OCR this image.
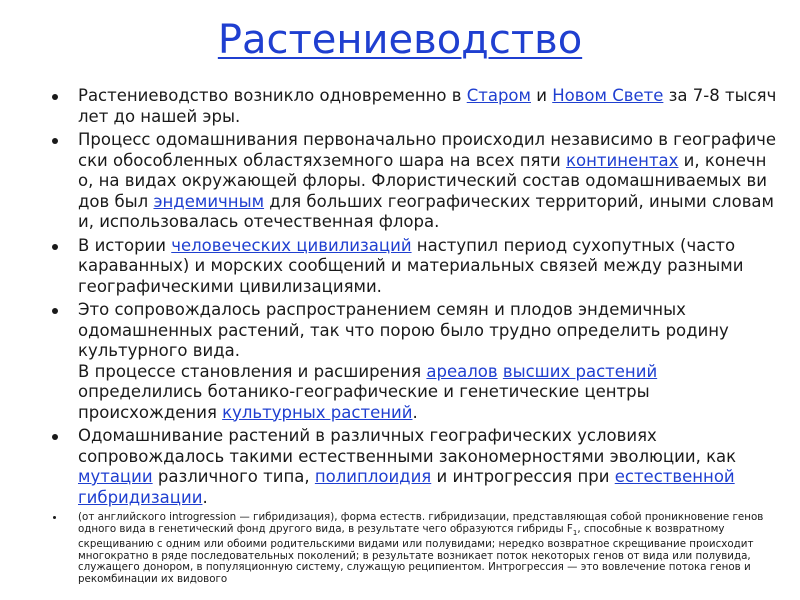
Растениеводство
Растениеводство возникло одновременно в Старом и Новом Свете за 7-8 тысяч лет до нашей эры.
Процесс одомашнивания первоначально происходил независимо в географически обособленных областяхземного шара на всех пяти континентах и, конечно, на видах окружающей флоры. Флористический состав одомашниваемых видов был эндемичным для больших географических территорий, иными словами, использовалась отечественная флора.
В истории человеческих цивилизаций наступил период сухопутных (часто караванных) и морских сообщений и материальных связей между разными географическими цивилизациями.
Это сопровождалось распространением семян и плодов эндемичных одомашненных растений, так что порою было трудно определить родину культурного вида.
В процессе становления и расширения ареалов высших растений определились ботанико-географические и генетические центры происхождения культурных растений.
Одомашнивание растений в различных географических условиях сопровождалось такими естественными закономерностями эволюции, как мутации различного типа, полиплоидия и интрогрессия при естественной гибридизации.
(от английского introgression — гибридизация), форма естеств. гибридизации, представляющая собой проникновение генов одного вида в генетический фонд другого вида, в результате чего образуются гибриды $F_1$, способные к возвратному скрещиванию с одним или обоими родительскими видами или полувидами; нередко возвратное скрещивание происходит многократно в ряде последовательных поколений; в результате возникает поток некоторых генов от вида или полувида, служащего донором, в популяционную систему, служащую реципиентом. Интрогрессия — это вовлечение потока генов и рекомбинации их видового
